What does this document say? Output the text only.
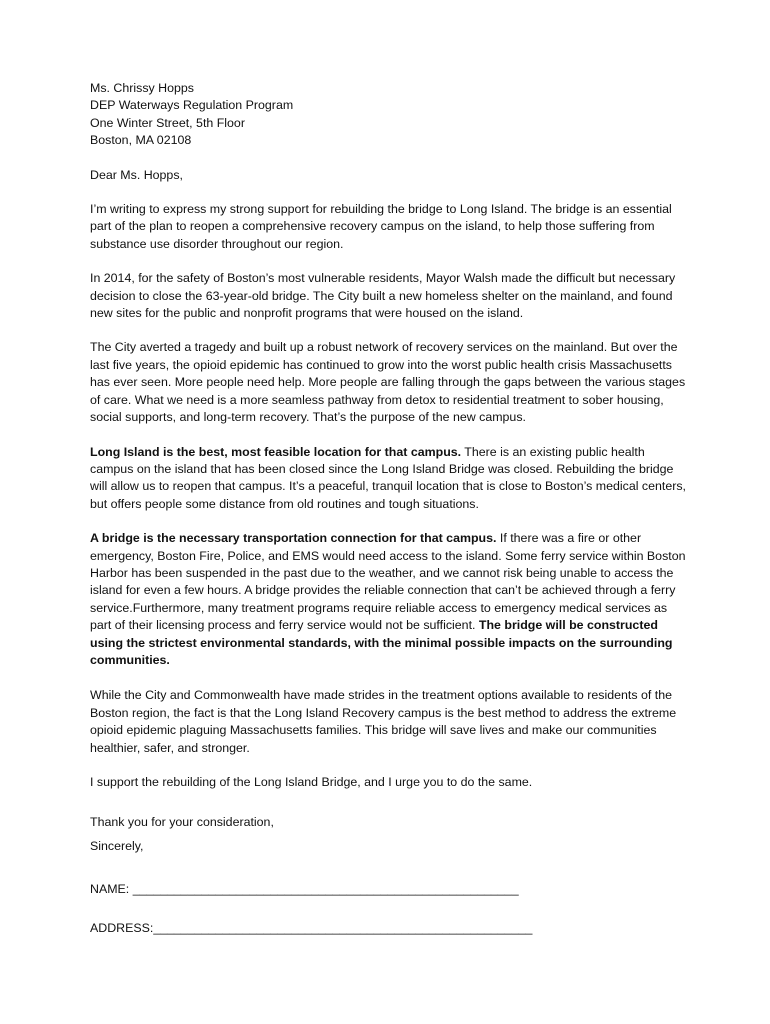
Ms. Chrissy Hopps
DEP Waterways Regulation Program
One Winter Street, 5th Floor
Boston, MA 02108

Dear Ms. Hopps,

I’m writing to express my strong support for rebuilding the bridge to Long Island. The bridge is an essential part of the plan to reopen a comprehensive recovery campus on the island, to help those suffering from substance use disorder throughout our region.

In 2014, for the safety of Boston’s most vulnerable residents, Mayor Walsh made the difficult but necessary decision to close the 63-year-old bridge. The City built a new homeless shelter on the mainland, and found new sites for the public and nonprofit programs that were housed on the island.

The City averted a tragedy and built up a robust network of recovery services on the mainland. But over the last five years, the opioid epidemic has continued to grow into the worst public health crisis Massachusetts has ever seen. More people need help. More people are falling through the gaps between the various stages of care. What we need is a more seamless pathway from detox to residential treatment to sober housing, social supports, and long-term recovery. That’s the purpose of the new campus.

Long Island is the best, most feasible location for that campus. There is an existing public health campus on the island that has been closed since the Long Island Bridge was closed. Rebuilding the bridge will allow us to reopen that campus. It’s a peaceful, tranquil location that is close to Boston’s medical centers, but offers people some distance from old routines and tough situations.

A bridge is the necessary transportation connection for that campus. If there was a fire or other emergency, Boston Fire, Police, and EMS would need access to the island. Some ferry service within Boston Harbor has been suspended in the past due to the weather, and we cannot risk being unable to access the island for even a few hours. A bridge provides the reliable connection that can’t be achieved through a ferry service.Furthermore, many treatment programs require reliable access to emergency medical services as part of their licensing process and ferry service would not be sufficient. The bridge will be constructed using the strictest environmental standards, with the minimal possible impacts on the surrounding communities.

While the City and Commonwealth have made strides in the treatment options available to residents of the Boston region, the fact is that the Long Island Recovery campus is the best method to address the extreme opioid epidemic plaguing Massachusetts families. This bridge will save lives and make our communities healthier, safer, and stronger.

I support the rebuilding of the Long Island Bridge, and I urge you to do the same.

Thank you for your consideration,

Sincerely,

NAME: ________________________________________________________
ADDRESS:_______________________________________________________
